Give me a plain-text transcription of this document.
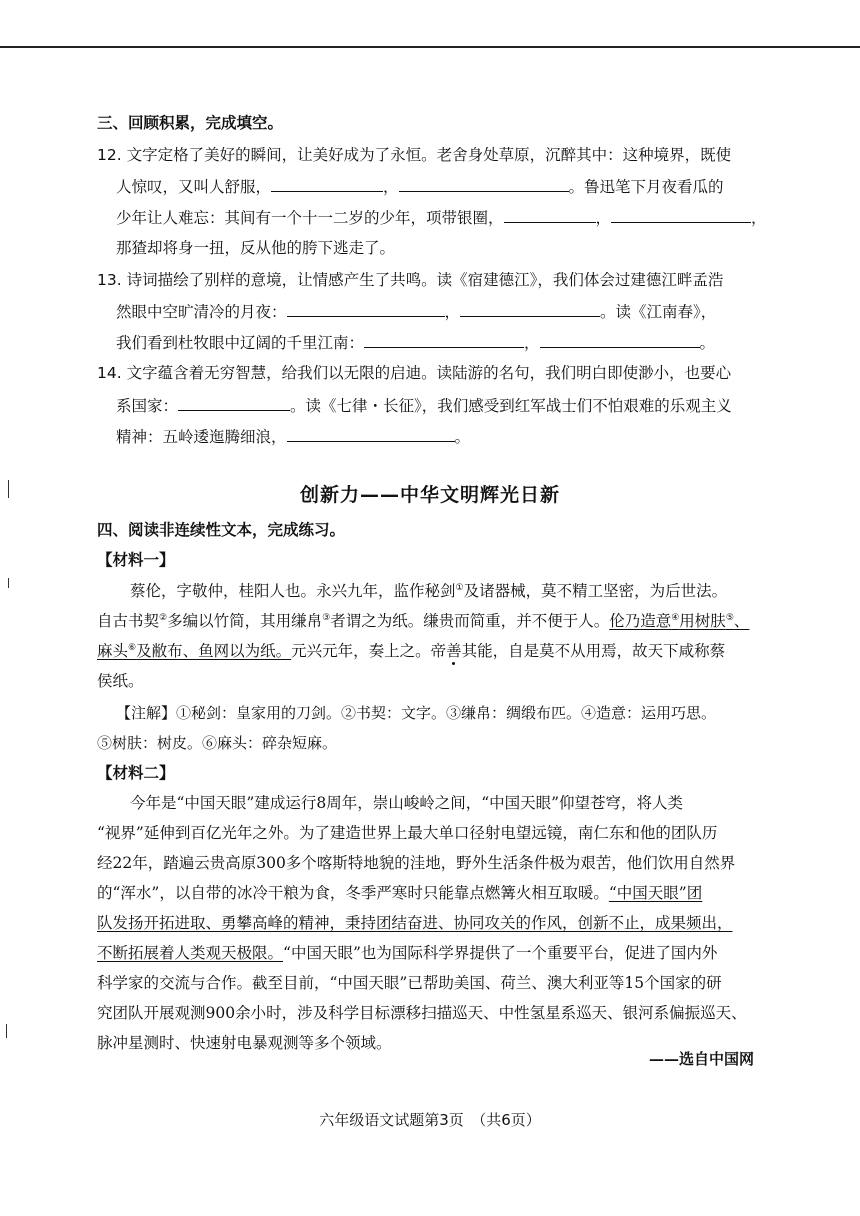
三、回顾积累，完成填空。
12. 文字定格了美好的瞬间，让美好成为了永恒。老舍身处草原，沉醉其中：这种境界，既使
人惊叹，又叫人舒服，	，	。鲁迅笔下月夜看瓜的
少年让人难忘：其间有一个十一二岁的少年，项带银圈，	，	，
那猹却将身一扭，反从他的胯下逃走了。
13. 诗词描绘了别样的意境，让情感产生了共鸣。读《宿建德江》，我们体会过建德江畔孟浩
然眼中空旷清冷的月夜：	，	。读《江南春》，
我们看到杜牧眼中辽阔的千里江南：	，	。
14. 文字蕴含着无穷智慧，给我们以无限的启迪。读陆游的名句，我们明白即使渺小，也要心
系国家：	。读《七律・长征》，我们感受到红军战士们不怕艰难的乐观主义
精神：五岭逶迤腾细浪，	。
创新力——中华文明辉光日新
四、阅读非连续性文本，完成练习。
【材料一】
蔡伦，字敬仲，桂阳人也。永兴九年，监作秘剑①及诸器械，莫不精工坚密，为后世法。
自古书契②多编以竹简，其用缣帛③者谓之为纸。缣贵而简重，并不便于人。伦乃造意④用树肤⑤、
麻头⑥及敝布、鱼网以为纸。元兴元年，奏上之。帝善其能，自是莫不从用焉，故天下咸称蔡
侯纸。
【注解】①秘剑：皇家用的刀剑。②书契：文字。③缣帛：绸缎布匹。④造意：运用巧思。
⑤树肤：树皮。⑥麻头：碎杂短麻。
【材料二】
今年是“中国天眼”建成运行8周年，崇山峻岭之间，“中国天眼”仰望苍穹，将人类
“视界”延伸到百亿光年之外。为了建造世界上最大单口径射电望远镜，南仁东和他的团队历
经22年，踏遍云贵高原300多个喀斯特地貌的洼地，野外生活条件极为艰苦，他们饮用自然界
的“浑水”，以自带的冰冷干粮为食，冬季严寒时只能靠点燃篝火相互取暖。“中国天眼”团
队发扬开拓进取、勇攀高峰的精神，秉持团结奋进、协同攻关的作风，创新不止，成果频出，
不断拓展着人类观天极限。“中国天眼”也为国际科学界提供了一个重要平台，促进了国内外
科学家的交流与合作。截至目前，“中国天眼”已帮助美国、荷兰、澳大利亚等15个国家的研
究团队开展观测900余小时，涉及科学目标漂移扫描巡天、中性氢星系巡天、银河系偏振巡天、
脉冲星测时、快速射电暴观测等多个领域。
——选自中国网
六年级语文试题第3页　（共6页）
